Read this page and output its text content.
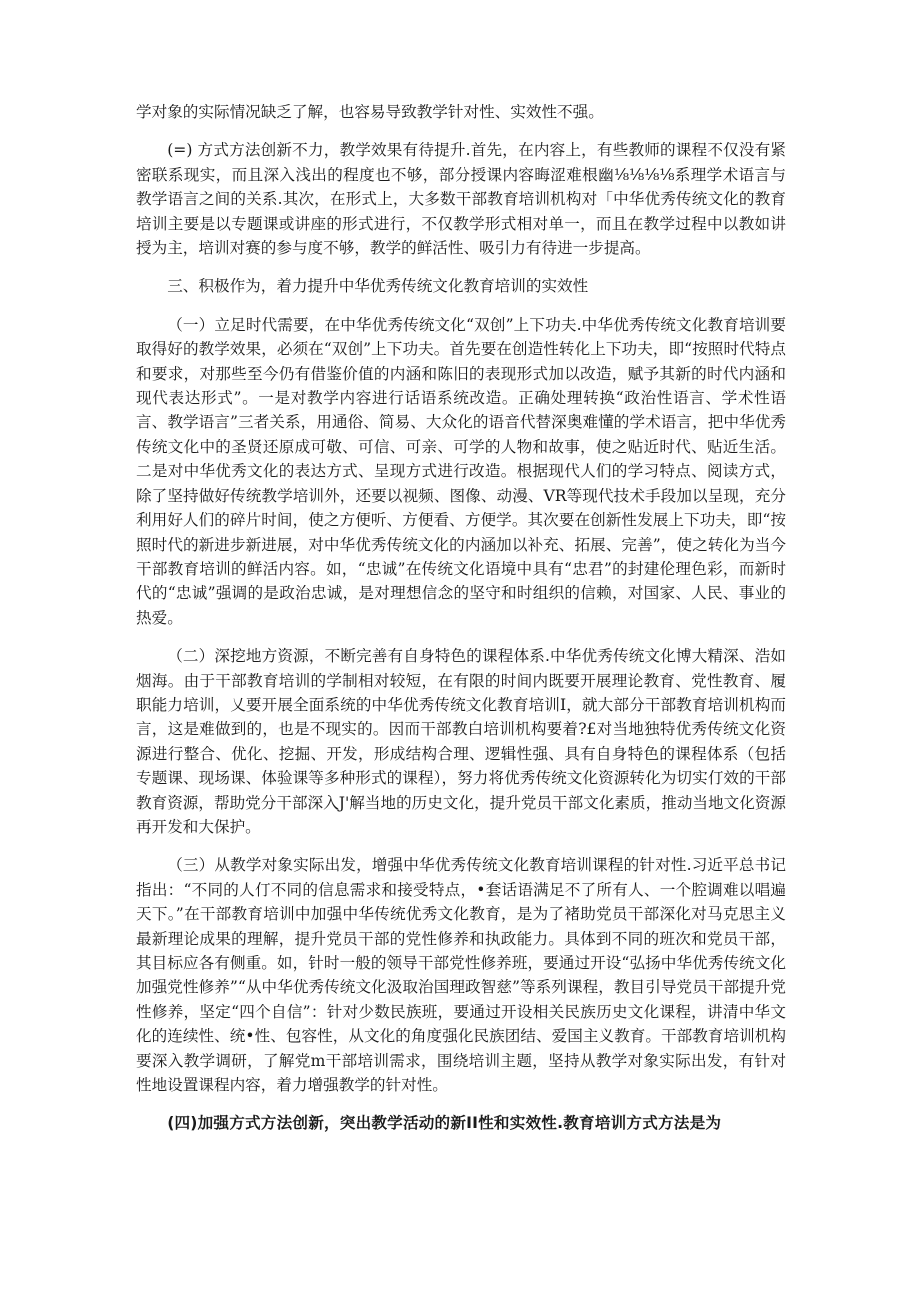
学对象的实际情况缺乏了解，也容易导致教学针对性、实效性不强。

(=) 方式方法创新不力，教学效果有待提升.首先，在内容上，有些教师的课程不仅没有紧密联系现实，而且深入浅出的程度也不够，部分授课内容晦涩难根幽⅛⅛⅛⅛系理学术语言与教学语言之间的关系.其次，在形式上，大多数干部教育培训机构对「中华优秀传统文化的教育培训主要是以专题课或讲座的形式进行，不仅教学形式相对单一，而且在教学过程中以教如讲授为主，培训对赛的参与度不够，教学的鲜活性、吸引力有待进一步提高。

三、积极作为，着力提升中华优秀传统文化教育培训的实效性

（一）立足时代需要，在中华优秀传统文化“双创”上下功夫.中华优秀传统文化教育培训要取得好的教学效果，必须在“双创”上下功夫。首先要在创造性转化上下功夫，即“按照时代特点和要求，对那些至今仍有借鉴价值的内涵和陈旧的表现形式加以改造，赋予其新的时代内涵和现代表达形式”。一是对教学内容进行话语系统改造。正确处理转换“政治性语言、学术性语言、教学语言”三者关系，用通俗、简易、大众化的语音代替深奥难懂的学术语言，把中华优秀传统文化中的圣贤还原成可敬、可信、可亲、可学的人物和故事，使之贴近时代、贴近生活。二是对中华优秀文化的表达方式、呈现方式进行改造。根据现代人们的学习特点、阅读方式，除了坚持做好传统教学培训外，还要以视频、图像、动漫、VR等现代技术手段加以呈现，充分利用好人们的碎片时间，使之方便听、方便看、方便学。其次要在创新性发展上下功夫，即“按照时代的新进步新进展，对中华优秀传统文化的内涵加以补充、拓展、完善”，使之转化为当今干部教育培训的鲜活内容。如，“忠诚”在传统文化语境中具有“忠君”的封建伦理色彩，而新时代的“忠诚”强调的是政治忠诚，是对理想信念的坚守和时组织的信赖，对国家、人民、事业的热爱。

（二）深挖地方资源，不断完善有自身特色的课程体系.中华优秀传统文化博大精深、浩如烟海。由于干部教育培训的学制相对较短，在有限的时间内既要开展理论教育、党性教育、履职能力培训，乂要开展全面系统的中华优秀传统文化教育培训I，就大部分干部教育培训机构而言，这是难做到的，也是不现实的。因而干部教白培训机构要着?£对当地独特优秀传统文化资源进行整合、优化、挖掘、开发，形成结构合理、逻辑性强、具有自身特色的课程体系（包括专题课、现场课、体验课等多种形式的课程），努力将优秀传统文化资源转化为切实仃效的干部教育资源，帮助党分干部深入J'解当地的历史文化，提升党员干部文化素质，推动当地文化资源再开发和大保护。

（三）从教学对象实际出发，增强中华优秀传统文化教育培训课程的针对性.习近平总书记指出：“不同的人仃不同的信息需求和接受特点，•套话语满足不了所有人、一个腔调难以唱遍天下。”在干部教育培训中加强中华传统优秀文化教育，是为了褚助党员干部深化对马克思主义最新理论成果的理解，提升党员干部的党性修养和执政能力。具体到不同的班次和党员干部，其目标应各有侧重。如，针时一般的领导干部党性修养班，要通过开设“弘扬中华优秀传统文化加强党性修养”“从中华优秀传统文化汲取治国理政智慈”等系列课程，教目引导党员干部提升党性修养，坚定“四个自信”：针对少数民族班，要通过开设相关民族历史文化课程，讲清中华文化的连续性、统•性、包容性，从文化的角度强化民族团结、爱国主义教育。干部教育培训机构要深入教学调研，了解党m干部培训需求，围绕培训主题，坚持从教学对象实际出发，有针对性地设置课程内容，着力增强教学的针对性。

(四)加强方式方法创新，突出教学活动的新II性和实效性.教育培训方式方法是为
